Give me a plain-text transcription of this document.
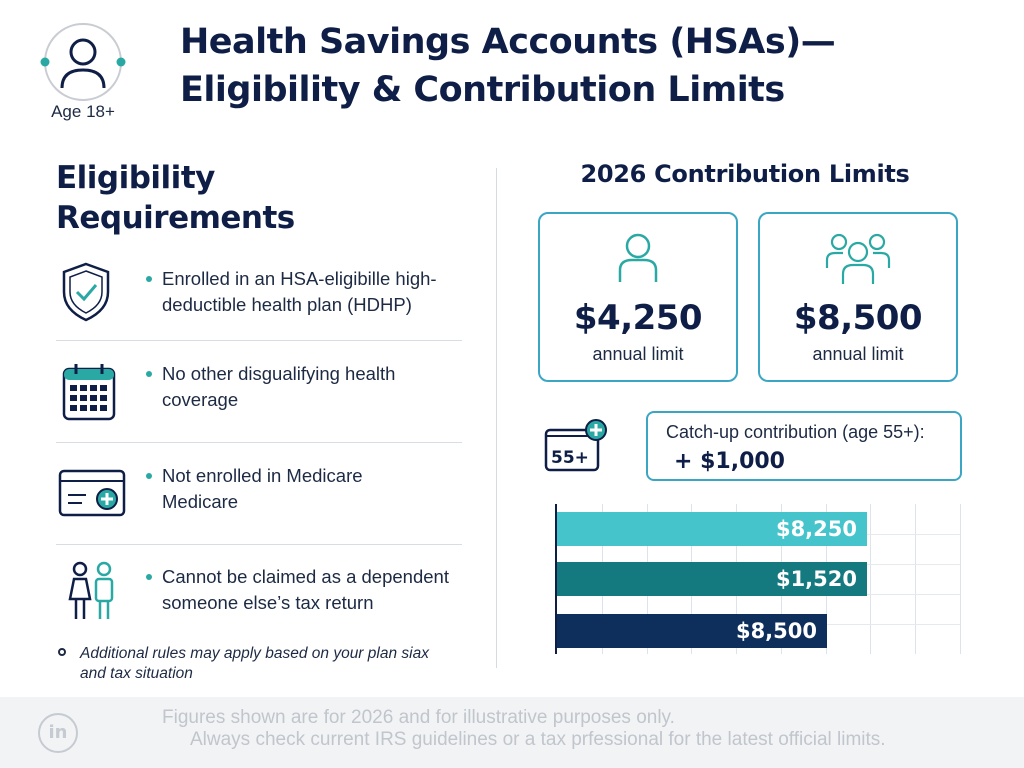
Age 18+
Health Savings Accounts (HSAs)—
Eligibility & Contribution Limits
Eligibility
Requirements
Enrolled in an HSA-eligibille high-
deductible health plan (HDHP)
No other disgualifying health
coverage
Not enrolled in Medicare
Medicare
Cannot be claimed as a dependent
someone else’s tax return
Additional rules may apply based on your plan siax
and tax situation
2026 Contribution Limits
$4,250
annual limit
$8,500
annual limit
55+
Catch-up contribution (age 55+):
+ $1,000
$8,250
$1,520
$8,500
in
Figures shown are for 2026 and for illustrative purposes only.
Always check current IRS guidelines or a tax prfessional for the latest official limits.
